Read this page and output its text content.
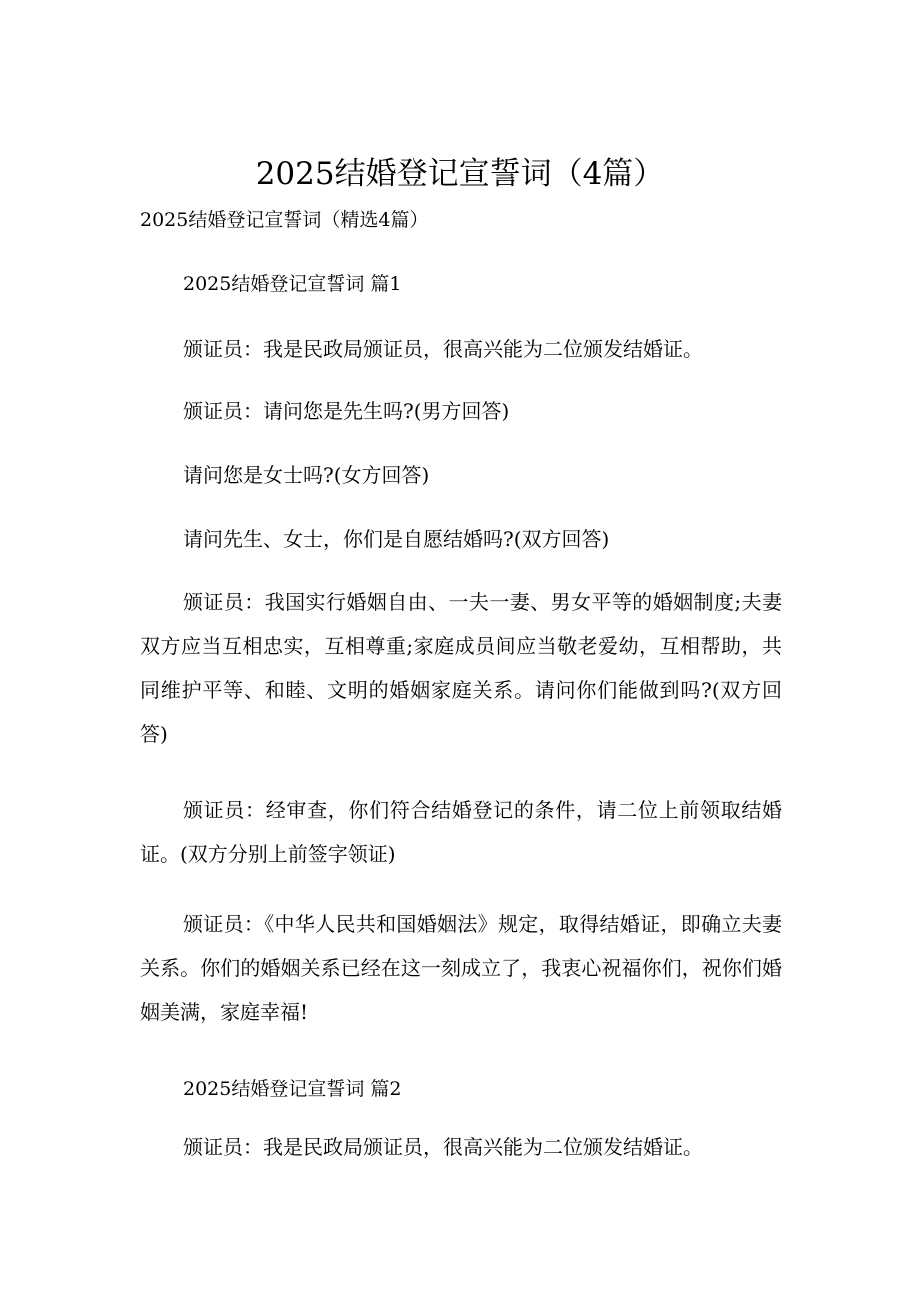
2025结婚登记宣誓词（4篇）

2025结婚登记宣誓词（精选4篇）

2025结婚登记宣誓词 篇1

颁证员：我是民政局颁证员，很高兴能为二位颁发结婚证。

颁证员：请问您是先生吗?(男方回答)

请问您是女士吗?(女方回答)

请问先生、女士，你们是自愿结婚吗?(双方回答)

颁证员：我国实行婚姻自由、一夫一妻、男女平等的婚姻制度;夫妻双方应当互相忠实，互相尊重;家庭成员间应当敬老爱幼，互相帮助，共同维护平等、和睦、文明的婚姻家庭关系。请问你们能做到吗?(双方回答)

颁证员：经审查，你们符合结婚登记的条件，请二位上前领取结婚证。(双方分别上前签字领证)

颁证员：《中华人民共和国婚姻法》规定，取得结婚证，即确立夫妻关系。你们的婚姻关系已经在这一刻成立了，我衷心祝福你们，祝你们婚姻美满，家庭幸福!

2025结婚登记宣誓词 篇2

颁证员：我是民政局颁证员，很高兴能为二位颁发结婚证。
